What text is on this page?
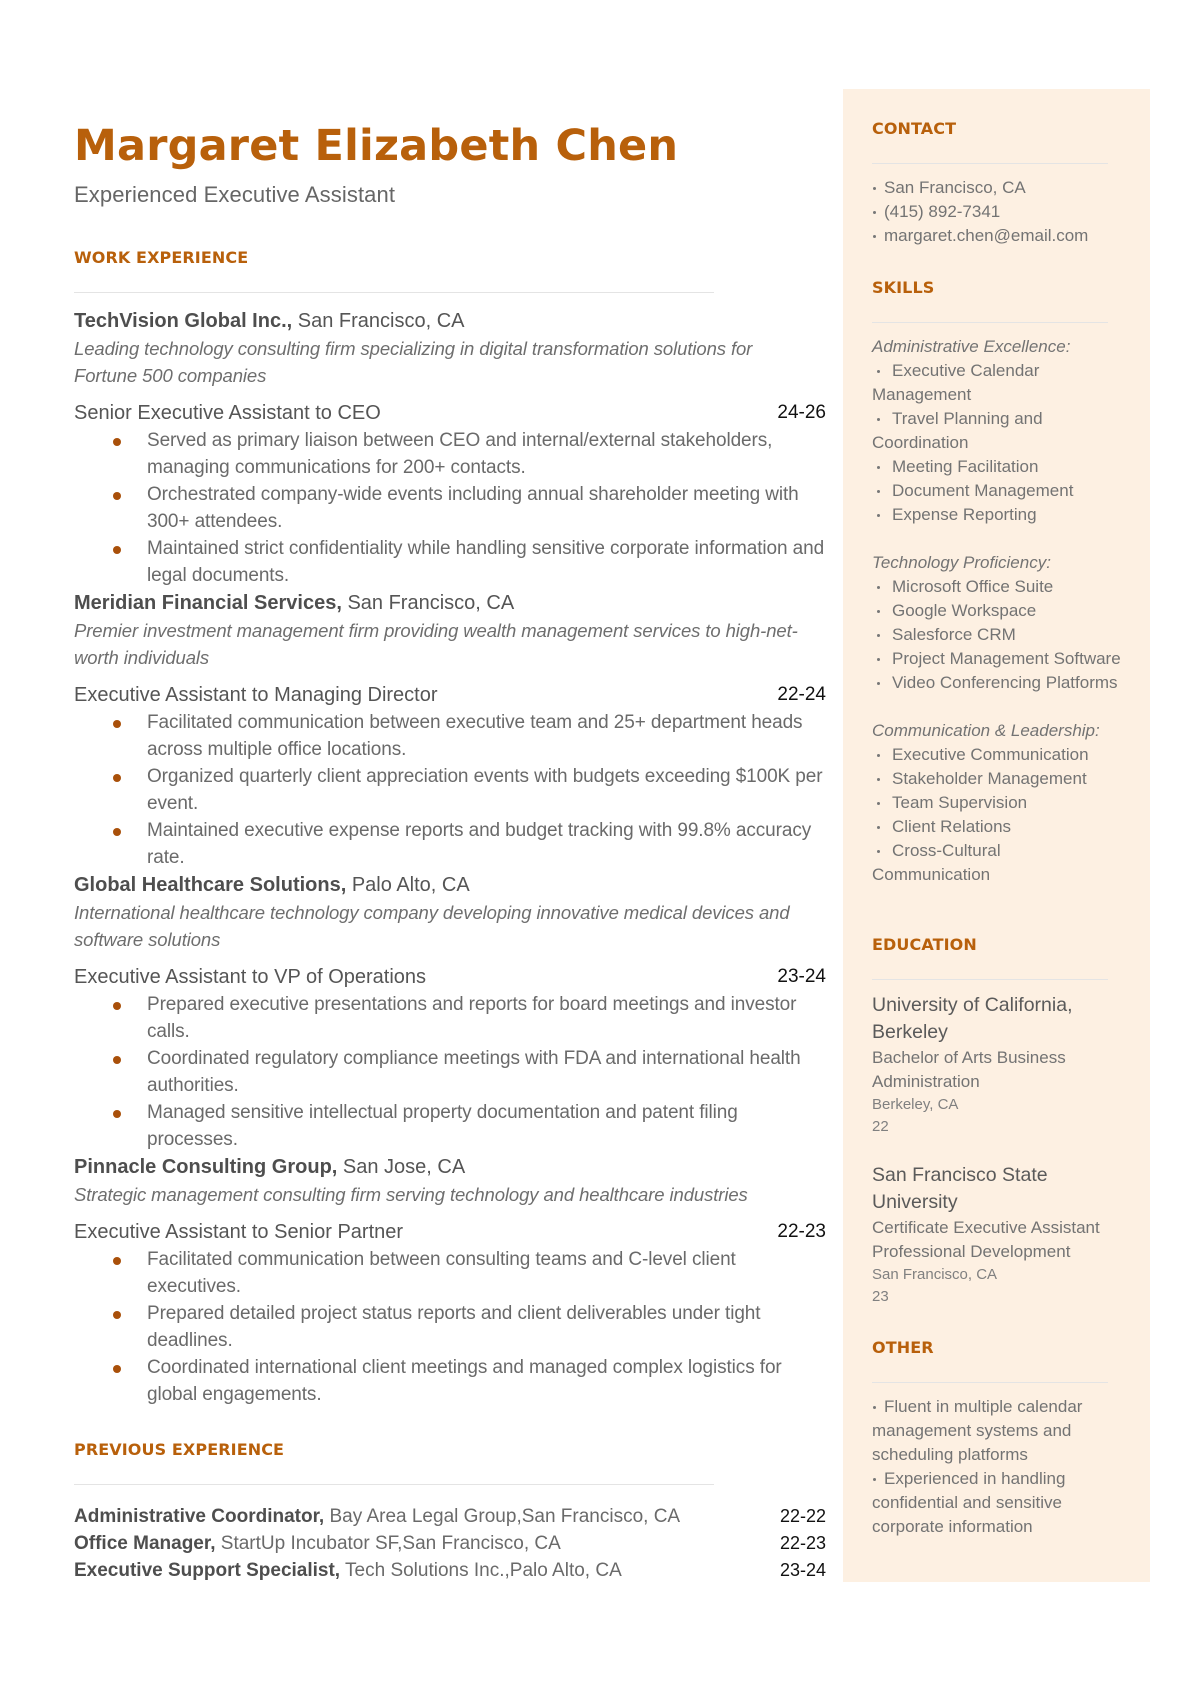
Margaret Elizabeth Chen
Experienced Executive Assistant
WORK EXPERIENCE
TechVision Global Inc., San Francisco, CA
Leading technology consulting firm specializing in digital transformation solutions for Fortune 500 companies
Senior Executive Assistant to CEO	24-26
Served as primary liaison between CEO and internal/external stakeholders, managing communications for 200+ contacts.
Orchestrated company-wide events including annual shareholder meeting with 300+ attendees.
Maintained strict confidentiality while handling sensitive corporate information and legal documents.
Meridian Financial Services, San Francisco, CA
Premier investment management firm providing wealth management services to high-net-worth individuals
Executive Assistant to Managing Director	22-24
Facilitated communication between executive team and 25+ department heads across multiple office locations.
Organized quarterly client appreciation events with budgets exceeding $100K per event.
Maintained executive expense reports and budget tracking with 99.8% accuracy rate.
Global Healthcare Solutions, Palo Alto, CA
International healthcare technology company developing innovative medical devices and software solutions
Executive Assistant to VP of Operations	23-24
Prepared executive presentations and reports for board meetings and investor calls.
Coordinated regulatory compliance meetings with FDA and international health authorities.
Managed sensitive intellectual property documentation and patent filing processes.
Pinnacle Consulting Group, San Jose, CA
Strategic management consulting firm serving technology and healthcare industries
Executive Assistant to Senior Partner	22-23
Facilitated communication between consulting teams and C-level client executives.
Prepared detailed project status reports and client deliverables under tight deadlines.
Coordinated international client meetings and managed complex logistics for global engagements.
PREVIOUS EXPERIENCE
Administrative Coordinator, Bay Area Legal Group,San Francisco, CA	22-22
Office Manager, StartUp Incubator SF,San Francisco, CA	22-23
Executive Support Specialist, Tech Solutions Inc.,Palo Alto, CA	23-24
CONTACT
San Francisco, CA
(415) 892-7341
margaret.chen@email.com
SKILLS
Administrative Excellence:
Executive Calendar Management
Travel Planning and Coordination
Meeting Facilitation
Document Management
Expense Reporting
Technology Proficiency:
Microsoft Office Suite
Google Workspace
Salesforce CRM
Project Management Software
Video Conferencing Platforms
Communication & Leadership:
Executive Communication
Stakeholder Management
Team Supervision
Client Relations
Cross-Cultural Communication
EDUCATION
University of California, Berkeley
Bachelor of Arts Business Administration
Berkeley, CA
22
San Francisco State University
Certificate Executive Assistant Professional Development
San Francisco, CA
23
OTHER
Fluent in multiple calendar management systems and scheduling platforms
Experienced in handling confidential and sensitive corporate information
